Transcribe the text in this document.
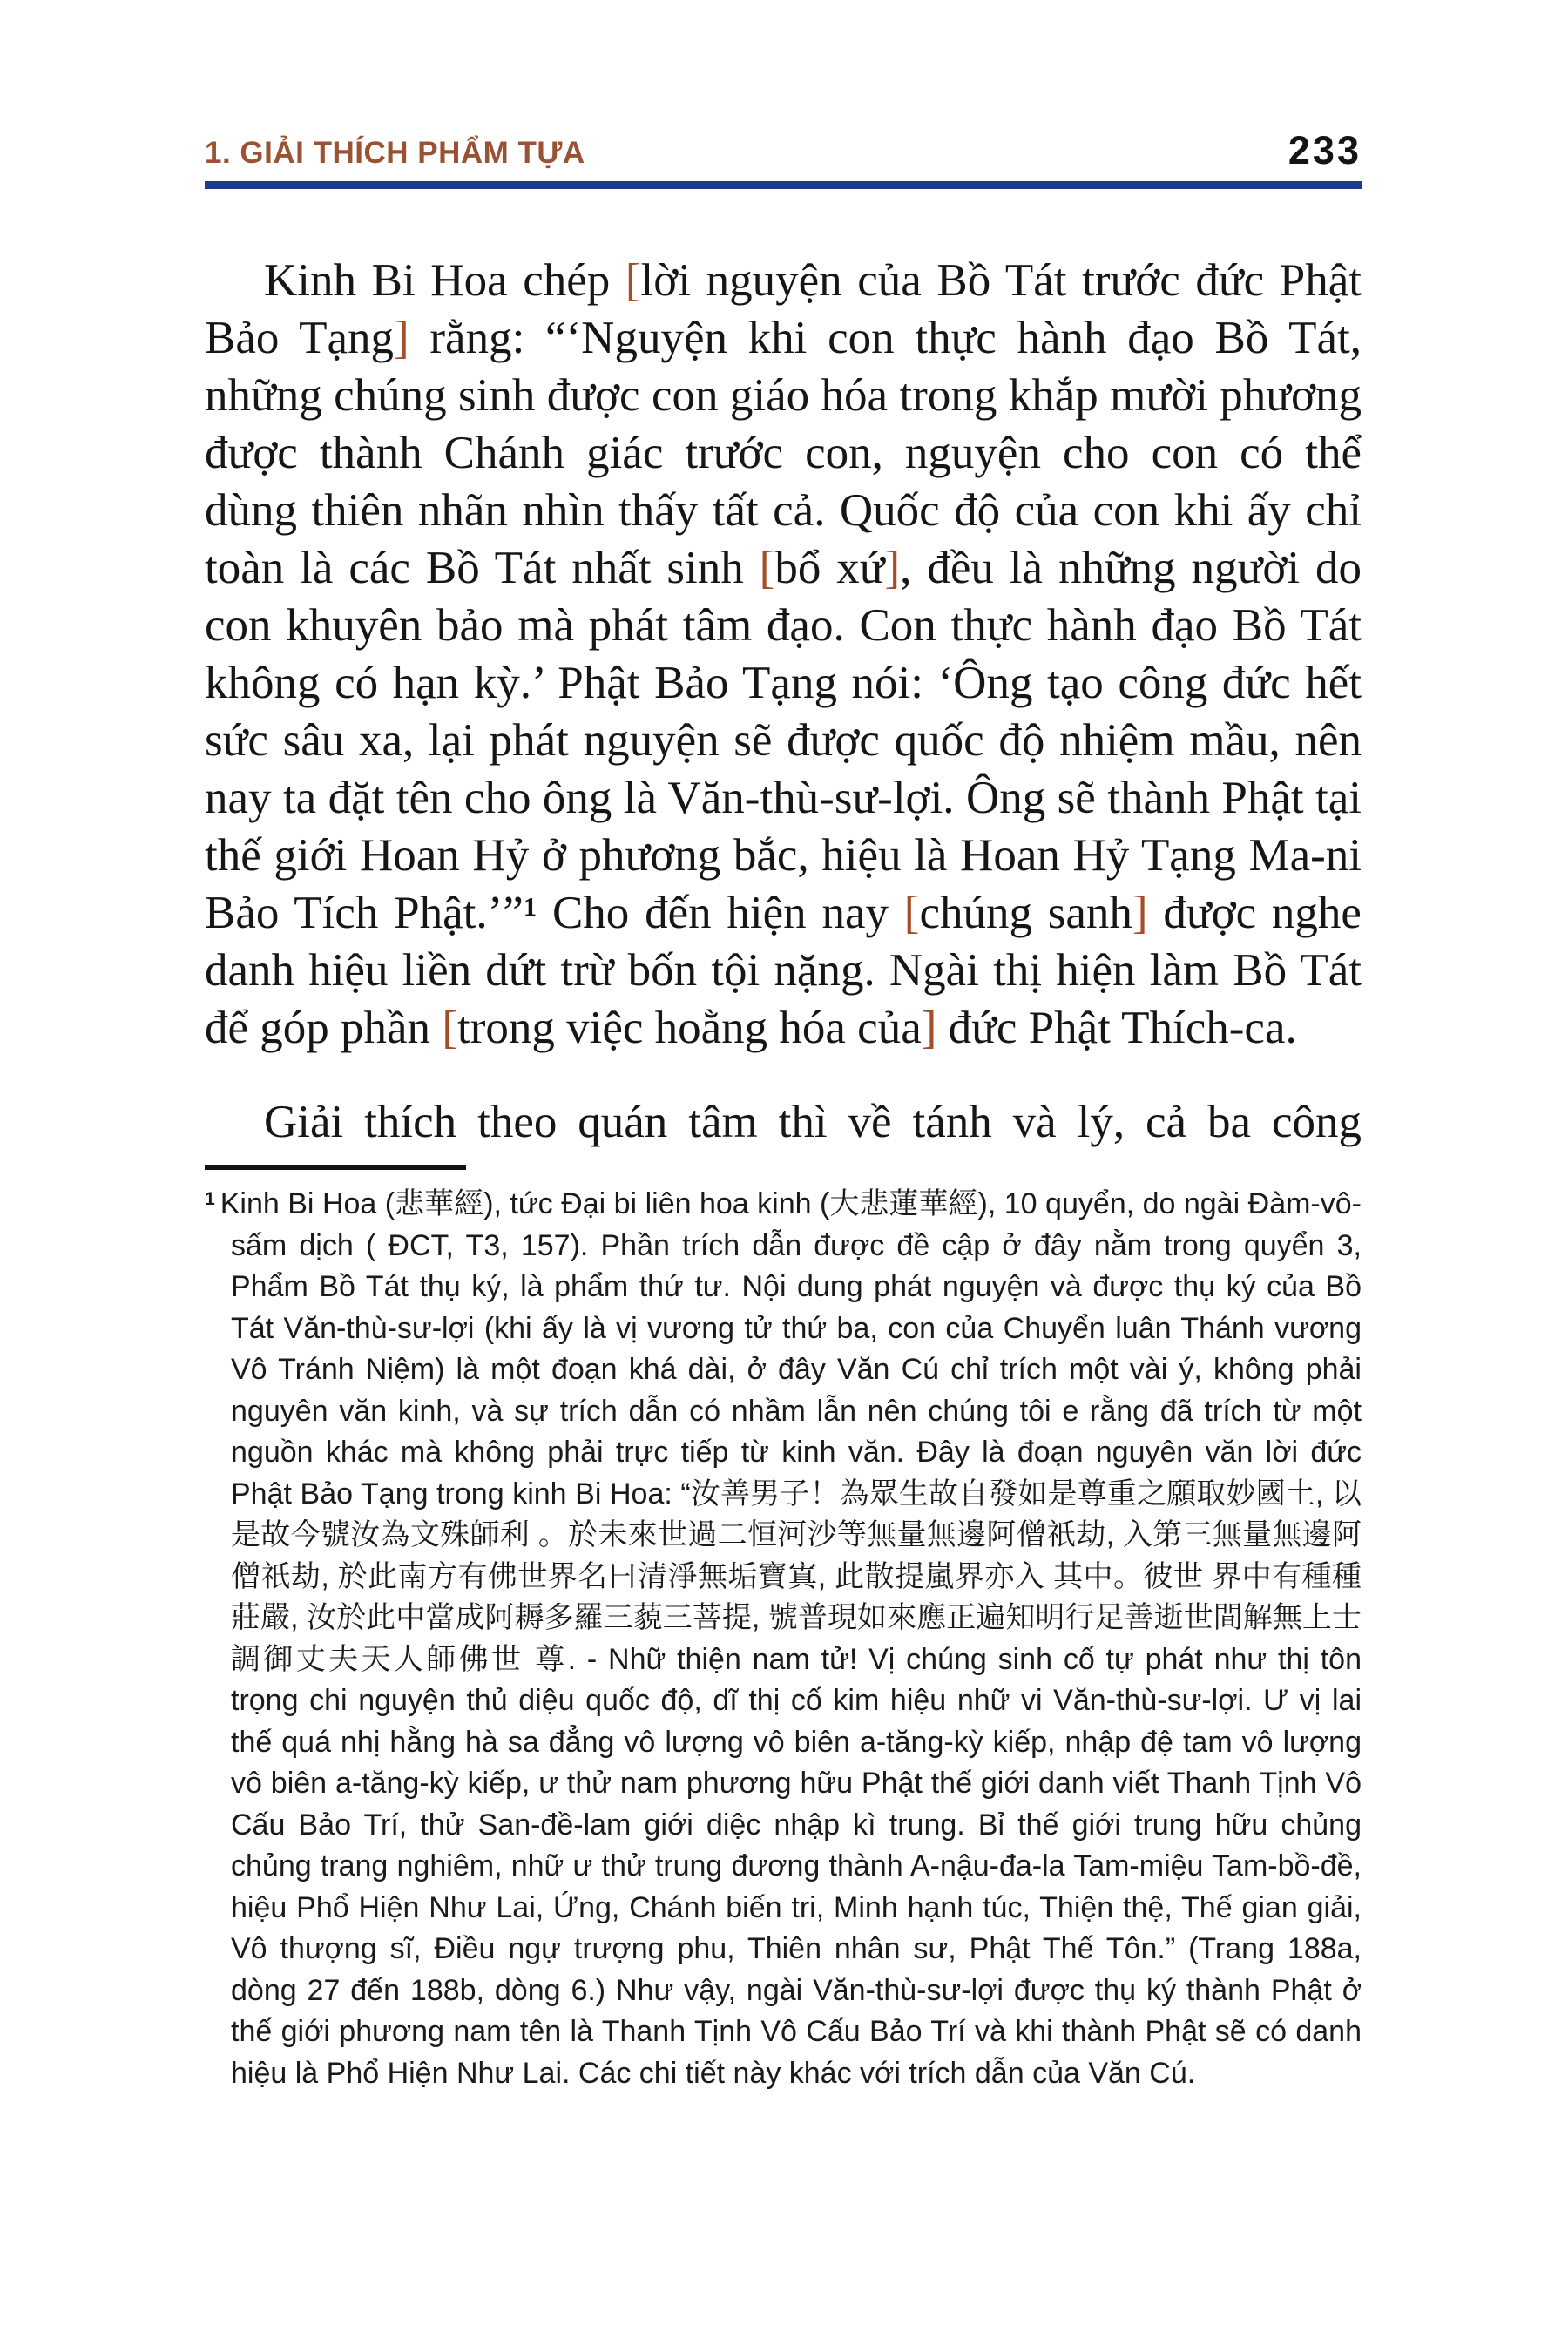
1. GIẢI THÍCH PHẨM TỰA	233

Kinh Bi Hoa chép [lời nguyện của Bồ Tát trước đức Phật Bảo Tạng] rằng: “‘Nguyện khi con thực hành đạo Bồ Tát, những chúng sinh được con giáo hóa trong khắp mười phương được thành Chánh giác trước con, nguyện cho con có thể dùng thiên nhãn nhìn thấy tất cả. Quốc độ của con khi ấy chỉ toàn là các Bồ Tát nhất sinh [bổ xứ], đều là những người do con khuyên bảo mà phát tâm đạo. Con thực hành đạo Bồ Tát không có hạn kỳ.’ Phật Bảo Tạng nói: ‘Ông tạo công đức hết sức sâu xa, lại phát nguyện sẽ được quốc độ nhiệm mầu, nên nay ta đặt tên cho ông là Văn-thù-sư-lợi. Ông sẽ thành Phật tại thế giới Hoan Hỷ ở phương bắc, hiệu là Hoan Hỷ Tạng Ma-ni Bảo Tích Phật.’”$^1$ Cho đến hiện nay [chúng sanh] được nghe danh hiệu liền dứt trừ bốn tội nặng. Ngài thị hiện làm Bồ Tát để góp phần [trong việc hoằng hóa của] đức Phật Thích-ca.

Giải thích theo quán tâm thì về tánh và lý, cả ba công

$^1$ Kinh Bi Hoa (悲華經), tức Đại bi liên hoa kinh (大悲蓮華經), 10 quyển, do ngài Đàm-vô-sấm dịch ( ĐCT, T3, 157). Phần trích dẫn được đề cập ở đây nằm trong quyển 3, Phẩm Bồ Tát thụ ký, là phẩm thứ tư. Nội dung phát nguyện và được thụ ký của Bồ Tát Văn-thù-sư-lợi (khi ấy là vị vương tử thứ ba, con của Chuyển luân Thánh vương Vô Tránh Niệm) là một đoạn khá dài, ở đây Văn Cú chỉ trích một vài ý, không phải nguyên văn kinh, và sự trích dẫn có nhầm lẫn nên chúng tôi e rằng đã trích từ một nguồn khác mà không phải trực tiếp từ kinh văn. Đây là đoạn nguyên văn lời đức Phật Bảo Tạng trong kinh Bi Hoa: “汝善男子！為眾生故自發如是尊重之願取妙國土, 以是故今號汝為文殊師利 。於未來世過二恒河沙等無量無邊阿僧祇劫, 入第三無量無邊阿僧祇劫, 於此南方有佛世界名曰清淨無垢寶寘, 此散提嵐界亦入 其中。彼世 界中有種種莊嚴, 汝於此中當成阿耨多羅三藐三菩提, 號普現如來應正遍知明行足善逝世間解無上士調御丈夫天人師佛世 尊. - Nhữ thiện nam tử! Vị chúng sinh cố tự phát như thị tôn trọng chi nguyện thủ diệu quốc độ, dĩ thị cố kim hiệu nhữ vi Văn-thù-sư-lợi. Ư vị lai thế quá nhị hằng hà sa đẳng vô lượng vô biên a-tăng-kỳ kiếp, nhập đệ tam vô lượng vô biên a-tăng-kỳ kiếp, ư thử nam phương hữu Phật thế giới danh viết Thanh Tịnh Vô Cấu Bảo Trí, thử San-đề-lam giới diệc nhập kì trung. Bỉ thế giới trung hữu chủng chủng trang nghiêm, nhữ ư thử trung đương thành A-nậu-đa-la Tam-miệu Tam-bồ-đề, hiệu Phổ Hiện Như Lai, Ứng, Chánh biến tri, Minh hạnh túc, Thiện thệ, Thế gian giải, Vô thượng sĩ, Điều ngự trượng phu, Thiên nhân sư, Phật Thế Tôn.” (Trang 188a, dòng 27 đến 188b, dòng 6.) Như vậy, ngài Văn-thù-sư-lợi được thụ ký thành Phật ở thế giới phương nam tên là Thanh Tịnh Vô Cấu Bảo Trí và khi thành Phật sẽ có danh hiệu là Phổ Hiện Như Lai. Các chi tiết này khác với trích dẫn của Văn Cú.
